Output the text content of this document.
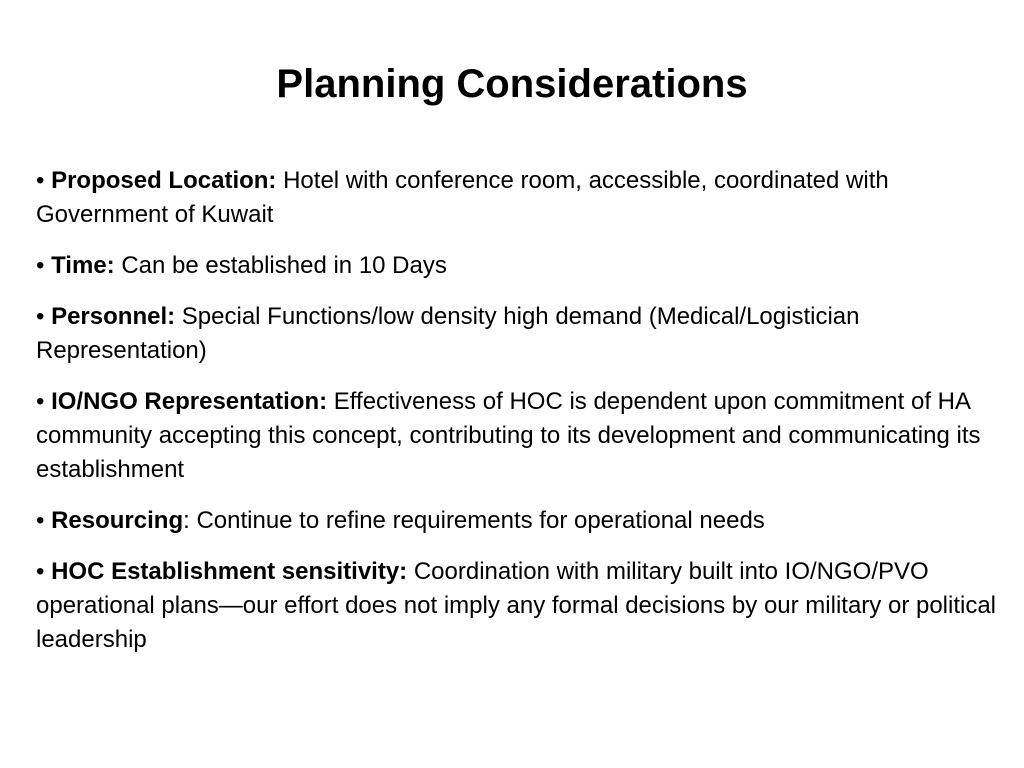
Planning Considerations
• Proposed Location: Hotel with conference room, accessible, coordinated with Government of Kuwait
• Time: Can be established in 10 Days
• Personnel: Special Functions/low density high demand (Medical/Logistician Representation)
• IO/NGO Representation: Effectiveness of HOC is dependent upon commitment of HA community accepting this concept, contributing to its development and communicating its establishment
• Resourcing: Continue to refine requirements for operational needs
• HOC Establishment sensitivity: Coordination with military built into IO/NGO/PVO operational plans—our effort does not imply any formal decisions by our military or political leadership
